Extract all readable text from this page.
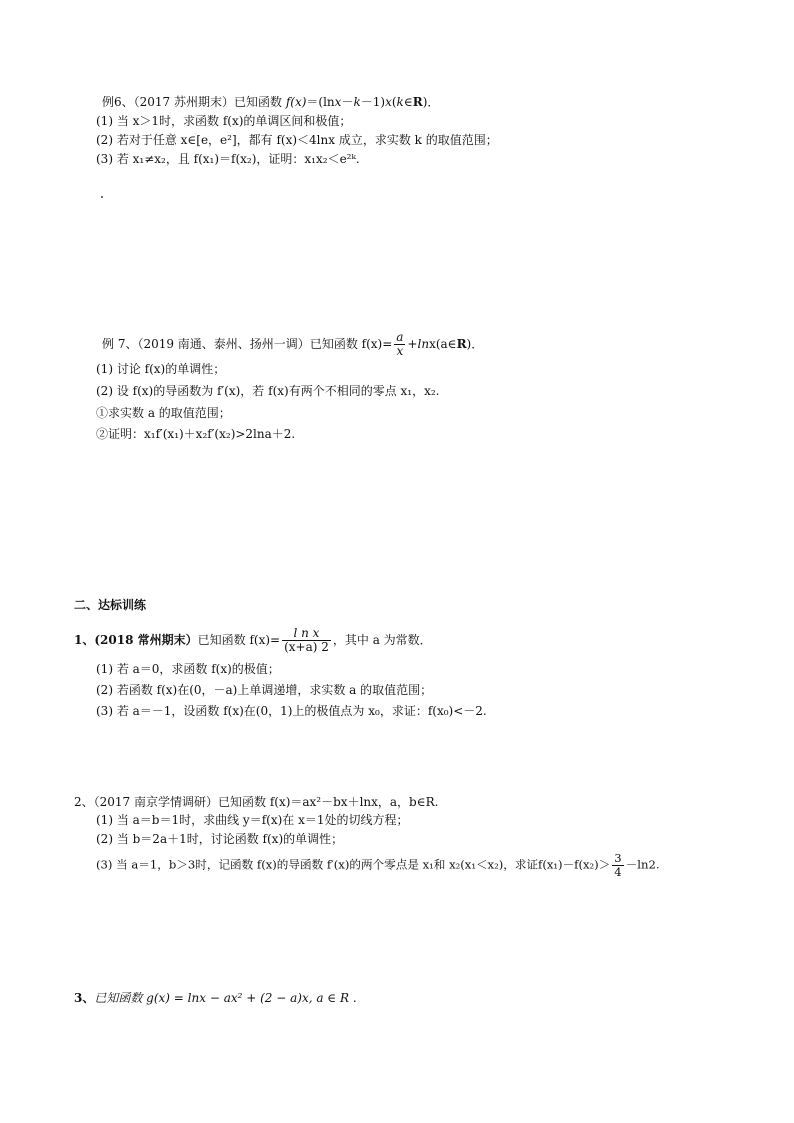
例6、（2017 苏州期末）已知函数 f(x)＝(lnx－k－1)x(k∈R)．
(1) 当 x＞1时，求函数 f(x)的单调区间和极值；
(2) 若对于任意 x∈[e，e²]，都有 f(x)＜4lnx 成立，求实数 k 的取值范围；
(3) 若 x₁≠x₂，且 f(x₁)＝f(x₂)，证明：x₁x₂＜e²ᵏ.
例 7、（2019 南通、泰州、扬州一调）已知函数 $f(x)= \frac{a}{x}$ +lnx(a∈R)．
(1) 讨论 f(x)的单调性；
(2) 设 f(x)的导函数为 f′(x)，若 f(x)有两个不相同的零点 x₁，x₂.
①求实数 a 的取值范围；
②证明：x₁f′(x₁)＋x₂f′(x₂)>2lna＋2.
二、达标训练
1、(2018 常州期末）已知函数 $f(x)= \frac{\text{l n x}}{(x+a) 2}$ ，其中 a 为常数．
(1) 若 a＝0，求函数 f(x)的极值；
(2) 若函数 f(x)在(0，－a)上单调递增，求实数 a 的取值范围；
(3) 若 a＝－1，设函数 f(x)在(0，1)上的极值点为 x₀，求证：f(x₀)<－2.
2、（2017 南京学情调研）已知函数 f(x)＝ax²－bx＋lnx，a，b∈R.
(1) 当 a＝b＝1时，求曲线 y＝f(x)在 x＝1处的切线方程；
(2) 当 b＝2a＋1时，讨论函数 f(x)的单调性；
(3) 当 a＝1，b＞3时，记函数 f(x)的导函数 f′(x)的两个零点是 x₁和 x₂(x₁＜x₂)，求证$f(x_1)-f(x_2)> \frac{3}{4} -\ln 2$.
3、已知函数 g(x) = lnx − ax² + (2 − a)x, a ∈ R .
